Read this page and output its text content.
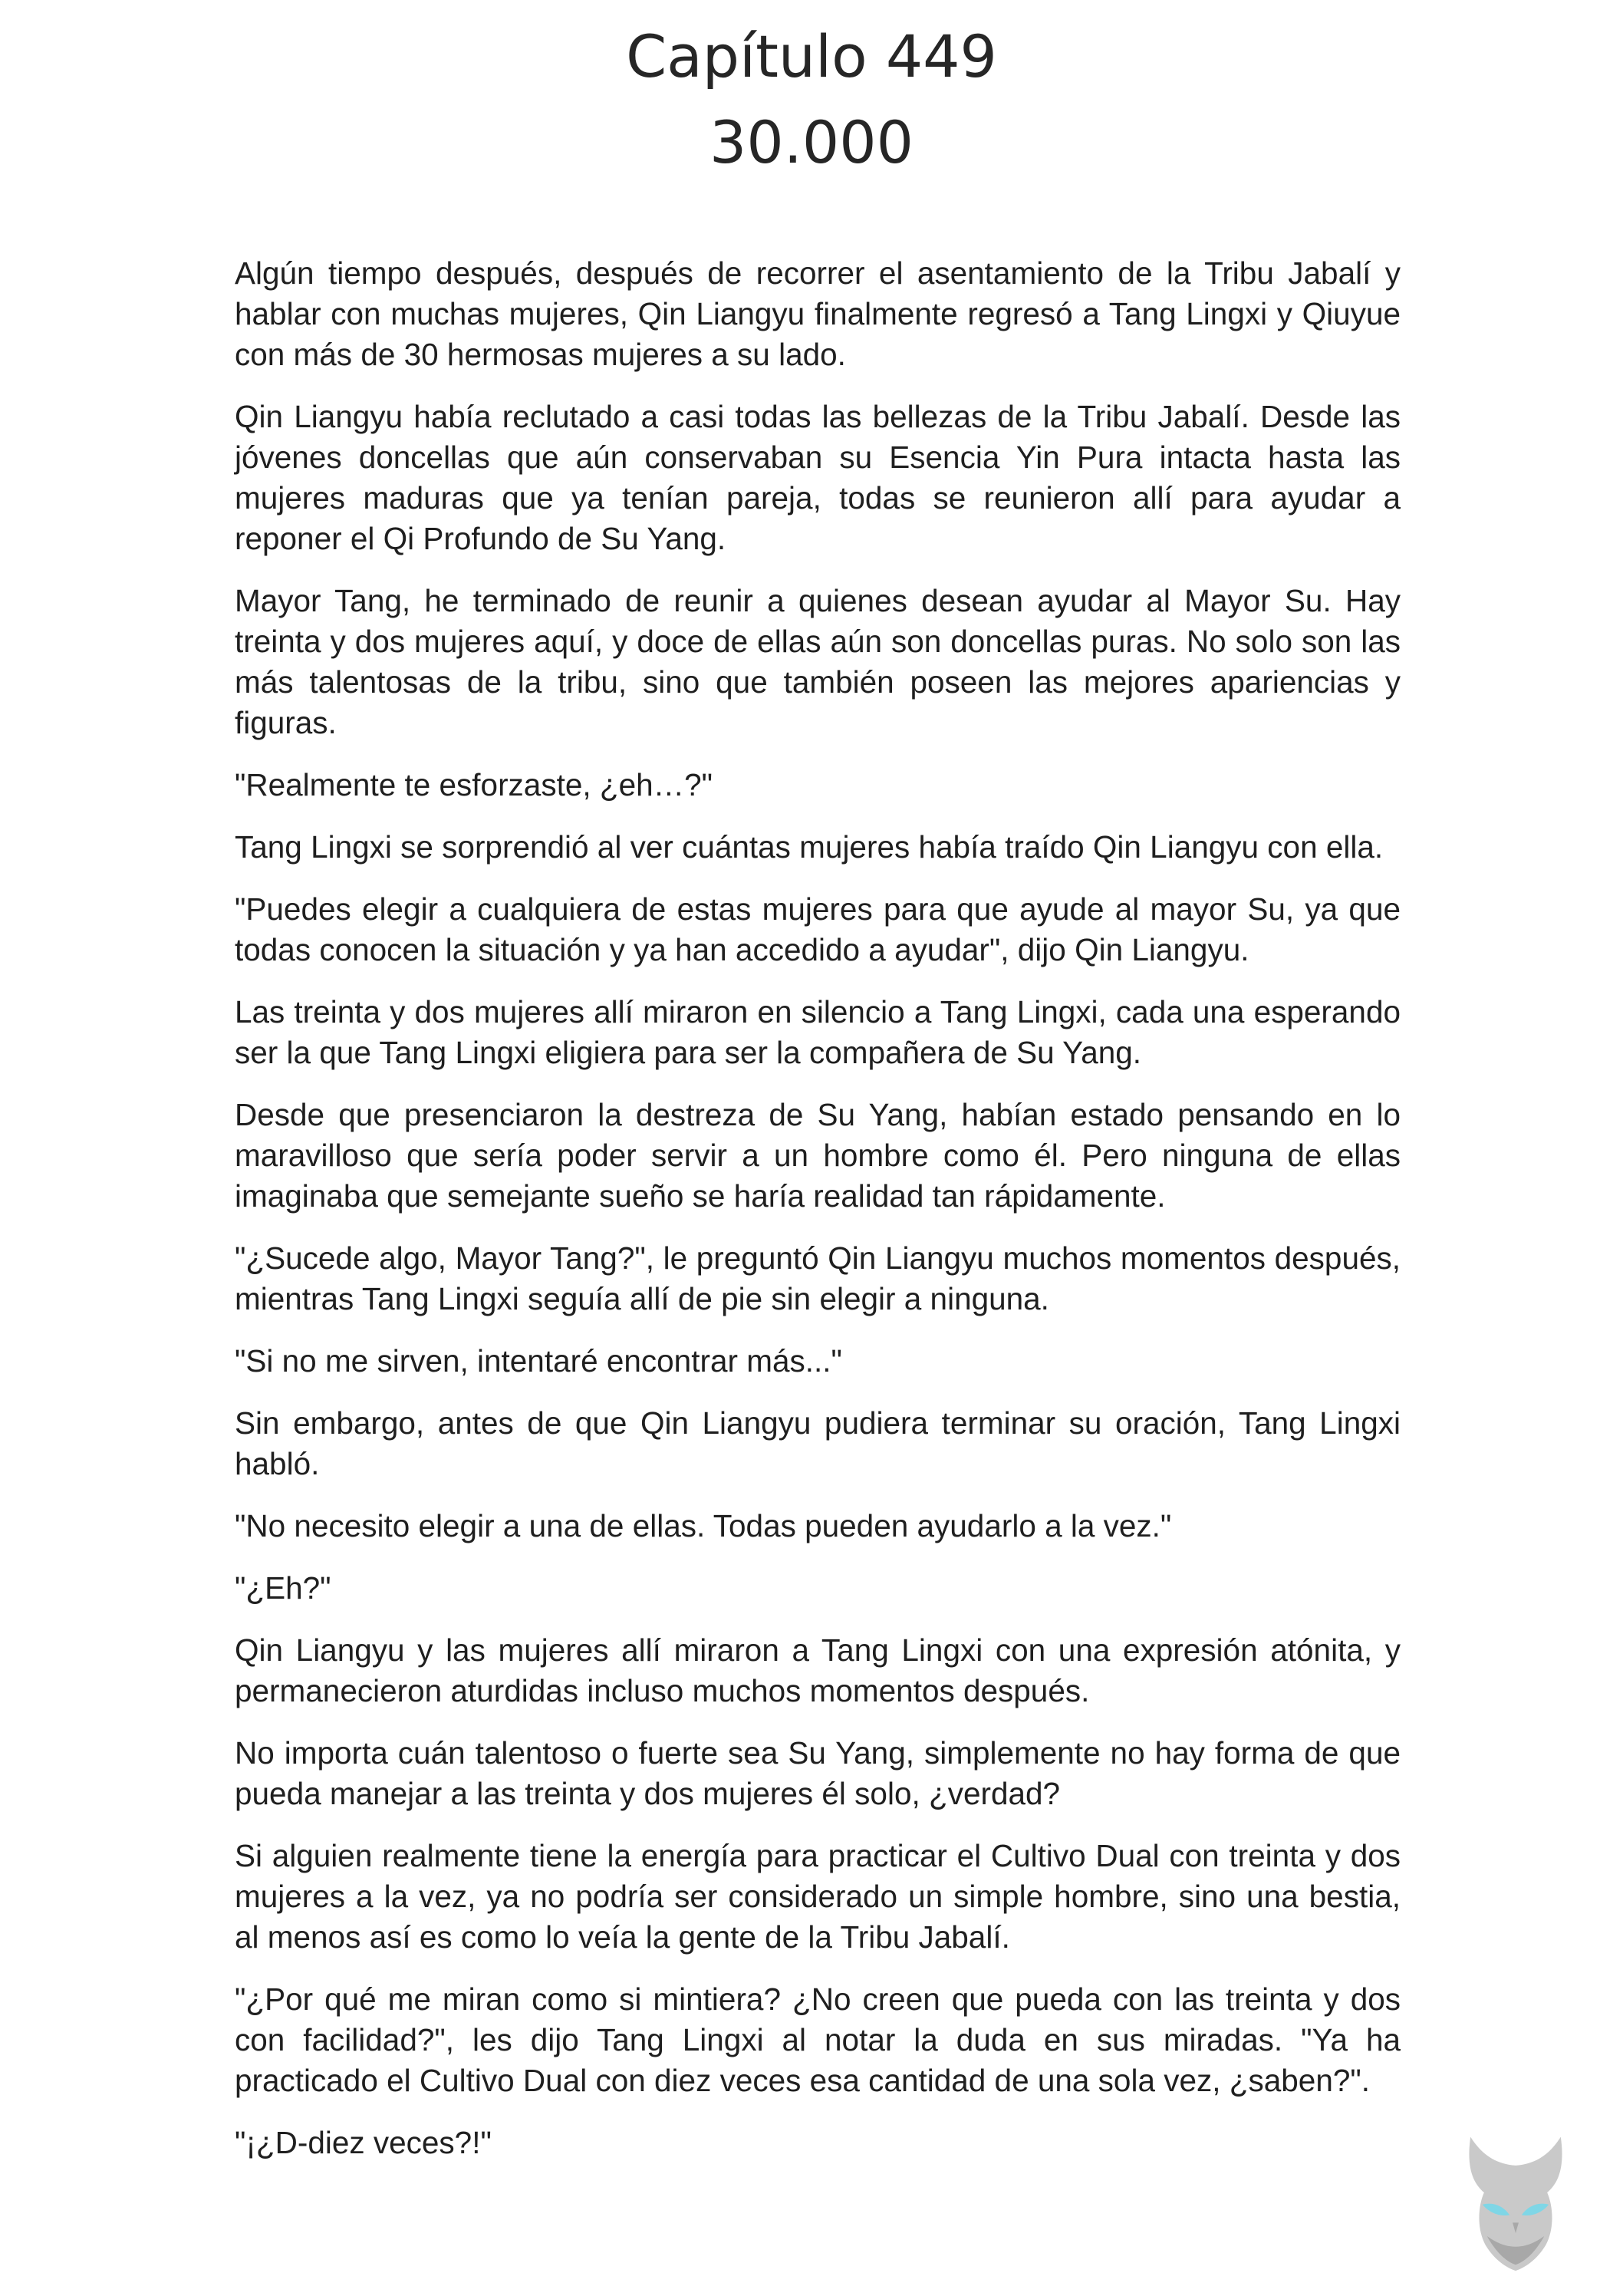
Capítulo 449
30.000

Algún tiempo después, después de recorrer el asentamiento de la Tribu Jabalí y hablar con muchas mujeres, Qin Liangyu finalmente regresó a Tang Lingxi y Qiuyue con más de 30 hermosas mujeres a su lado.

Qin Liangyu había reclutado a casi todas las bellezas de la Tribu Jabalí. Desde las jóvenes doncellas que aún conservaban su Esencia Yin Pura intacta hasta las mujeres maduras que ya tenían pareja, todas se reunieron allí para ayudar a reponer el Qi Profundo de Su Yang.

Mayor Tang, he terminado de reunir a quienes desean ayudar al Mayor Su. Hay treinta y dos mujeres aquí, y doce de ellas aún son doncellas puras. No solo son las más talentosas de la tribu, sino que también poseen las mejores apariencias y figuras.

"Realmente te esforzaste, ¿eh…?"

Tang Lingxi se sorprendió al ver cuántas mujeres había traído Qin Liangyu con ella.

"Puedes elegir a cualquiera de estas mujeres para que ayude al mayor Su, ya que todas conocen la situación y ya han accedido a ayudar", dijo Qin Liangyu.

Las treinta y dos mujeres allí miraron en silencio a Tang Lingxi, cada una esperando ser la que Tang Lingxi eligiera para ser la compañera de Su Yang.

Desde que presenciaron la destreza de Su Yang, habían estado pensando en lo maravilloso que sería poder servir a un hombre como él. Pero ninguna de ellas imaginaba que semejante sueño se haría realidad tan rápidamente.

"¿Sucede algo, Mayor Tang?", le preguntó Qin Liangyu muchos momentos después, mientras Tang Lingxi seguía allí de pie sin elegir a ninguna.

"Si no me sirven, intentaré encontrar más..."

Sin embargo, antes de que Qin Liangyu pudiera terminar su oración, Tang Lingxi habló.

"No necesito elegir a una de ellas. Todas pueden ayudarlo a la vez."

"¿Eh?"

Qin Liangyu y las mujeres allí miraron a Tang Lingxi con una expresión atónita, y permanecieron aturdidas incluso muchos momentos después.

No importa cuán talentoso o fuerte sea Su Yang, simplemente no hay forma de que pueda manejar a las treinta y dos mujeres él solo, ¿verdad?

Si alguien realmente tiene la energía para practicar el Cultivo Dual con treinta y dos mujeres a la vez, ya no podría ser considerado un simple hombre, sino una bestia, al menos así es como lo veía la gente de la Tribu Jabalí.

"¿Por qué me miran como si mintiera? ¿No creen que pueda con las treinta y dos con facilidad?", les dijo Tang Lingxi al notar la duda en sus miradas. "Ya ha practicado el Cultivo Dual con diez veces esa cantidad de una sola vez, ¿saben?".

"¡¿D-diez veces?!"
